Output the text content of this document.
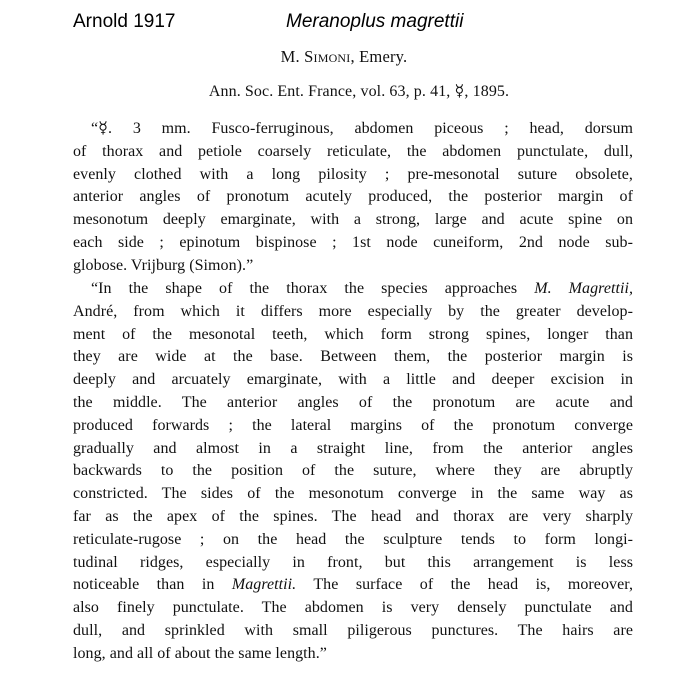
Arnold 1917	Meranoplus magrettii
M. Simoni, Emery.
Ann. Soc. Ent. France, vol. 63, p. 41, ☿, 1895.
“☿. 3 mm. Fusco-ferruginous, abdomen piceous ; head, dorsum
of thorax and petiole coarsely reticulate, the abdomen punctulate, dull,
evenly clothed with a long pilosity ; pre-mesonotal suture obsolete,
anterior angles of pronotum acutely produced, the posterior margin of
mesonotum deeply emarginate, with a strong, large and acute spine on
each side ; epinotum bispinose ; 1st node cuneiform, 2nd node sub-
globose. Vrijburg (Simon).”
“In the shape of the thorax the species approaches M. Magrettii,
André, from which it differs more especially by the greater develop-
ment of the mesonotal teeth, which form strong spines, longer than
they are wide at the base. Between them, the posterior margin is
deeply and arcuately emarginate, with a little and deeper excision in
the middle. The anterior angles of the pronotum are acute and
produced forwards ; the lateral margins of the pronotum converge
gradually and almost in a straight line, from the anterior angles
backwards to the position of the suture, where they are abruptly
constricted. The sides of the mesonotum converge in the same way as
far as the apex of the spines. The head and thorax are very sharply
reticulate-rugose ; on the head the sculpture tends to form longi-
tudinal ridges, especially in front, but this arrangement is less
noticeable than in Magrettii. The surface of the head is, moreover,
also finely punctulate. The abdomen is very densely punctulate and
dull, and sprinkled with small piligerous punctures. The hairs are
long, and all of about the same length.”
